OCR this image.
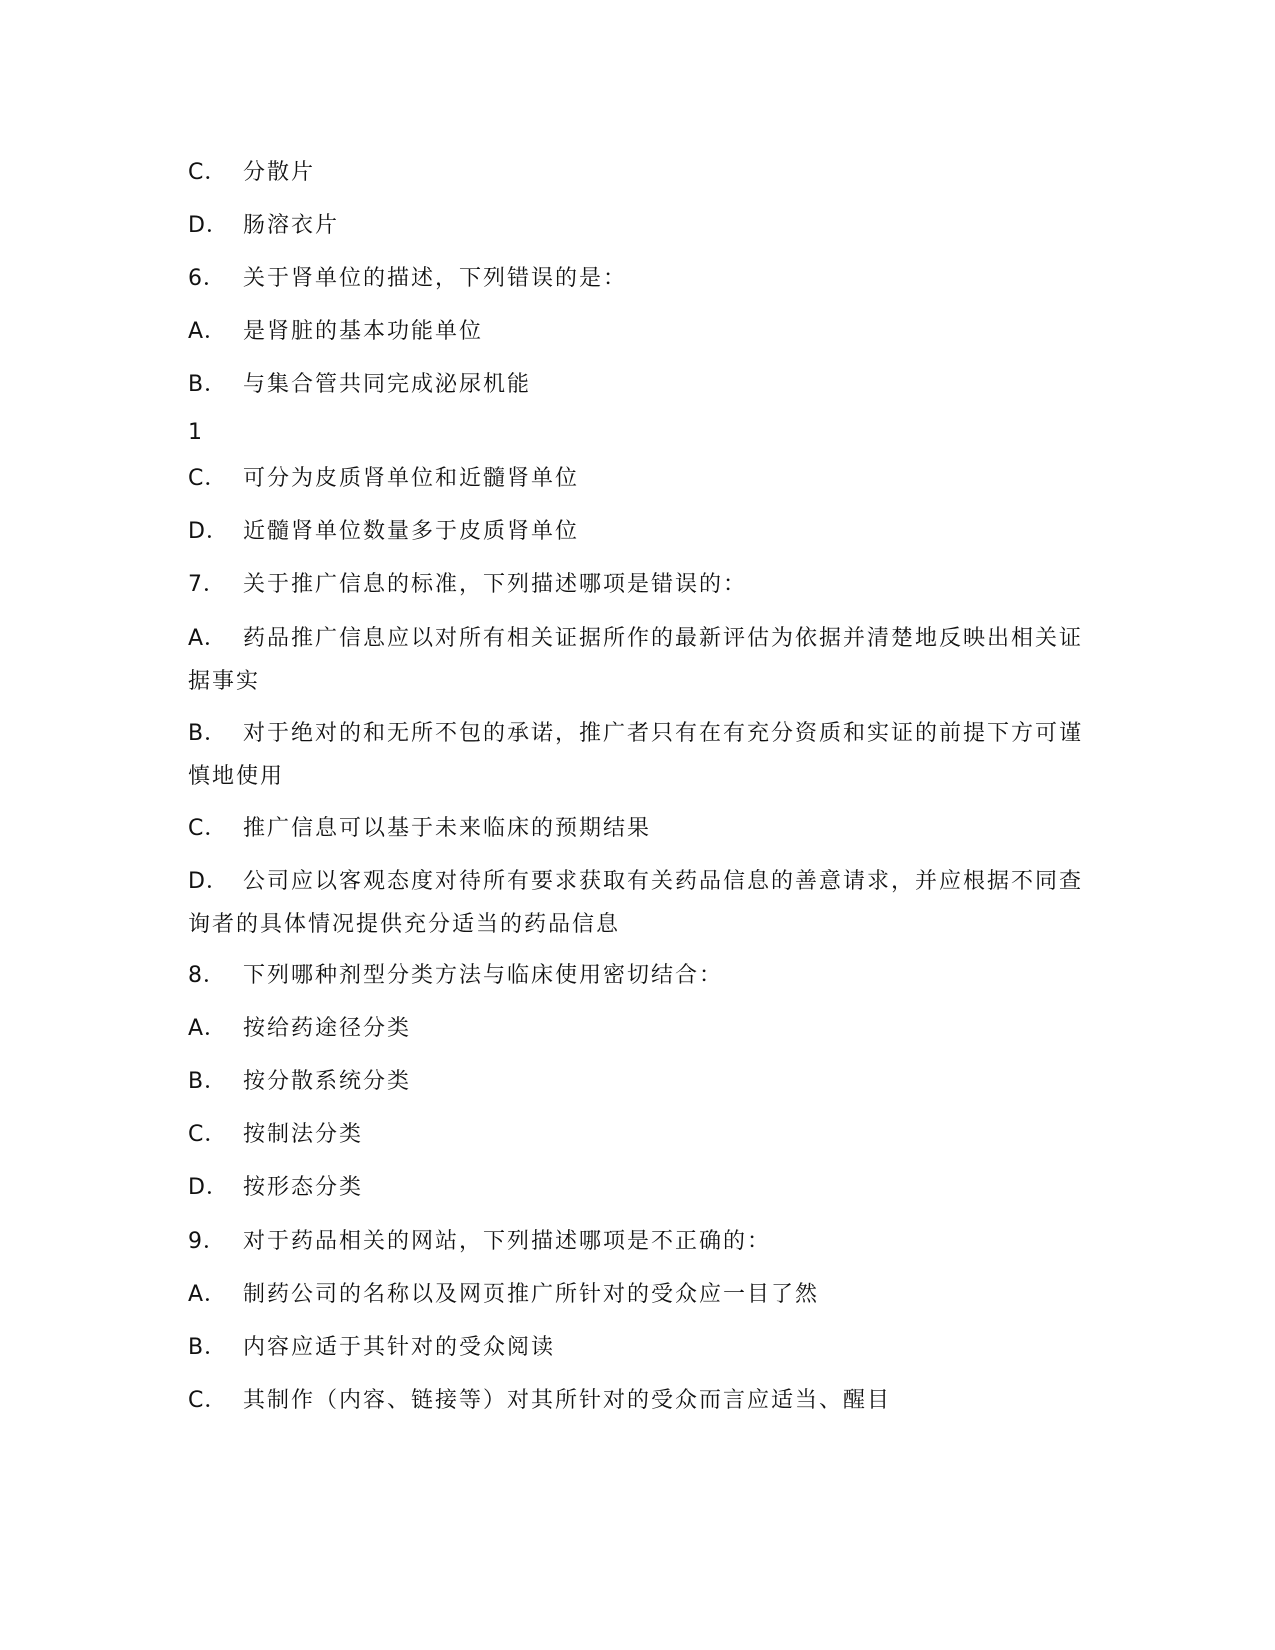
C． 分散片
D． 肠溶衣片
6． 关于肾单位的描述，下列错误的是：
A． 是肾脏的基本功能单位
B． 与集合管共同完成泌尿机能
1
C． 可分为皮质肾单位和近髓肾单位
D． 近髓肾单位数量多于皮质肾单位
7． 关于推广信息的标准，下列描述哪项是错误的：
A． 药品推广信息应以对所有相关证据所作的最新评估为依据并清楚地反映出相关证据事实
B． 对于绝对的和无所不包的承诺，推广者只有在有充分资质和实证的前提下方可谨慎地使用
C． 推广信息可以基于未来临床的预期结果
D． 公司应以客观态度对待所有要求获取有关药品信息的善意请求，并应根据不同查询者的具体情况提供充分适当的药品信息
8． 下列哪种剂型分类方法与临床使用密切结合：
A． 按给药途径分类
B． 按分散系统分类
C． 按制法分类
D． 按形态分类
9． 对于药品相关的网站，下列描述哪项是不正确的：
A． 制药公司的名称以及网页推广所针对的受众应一目了然
B． 内容应适于其针对的受众阅读
C． 其制作（内容、链接等）对其所针对的受众而言应适当、醒目
